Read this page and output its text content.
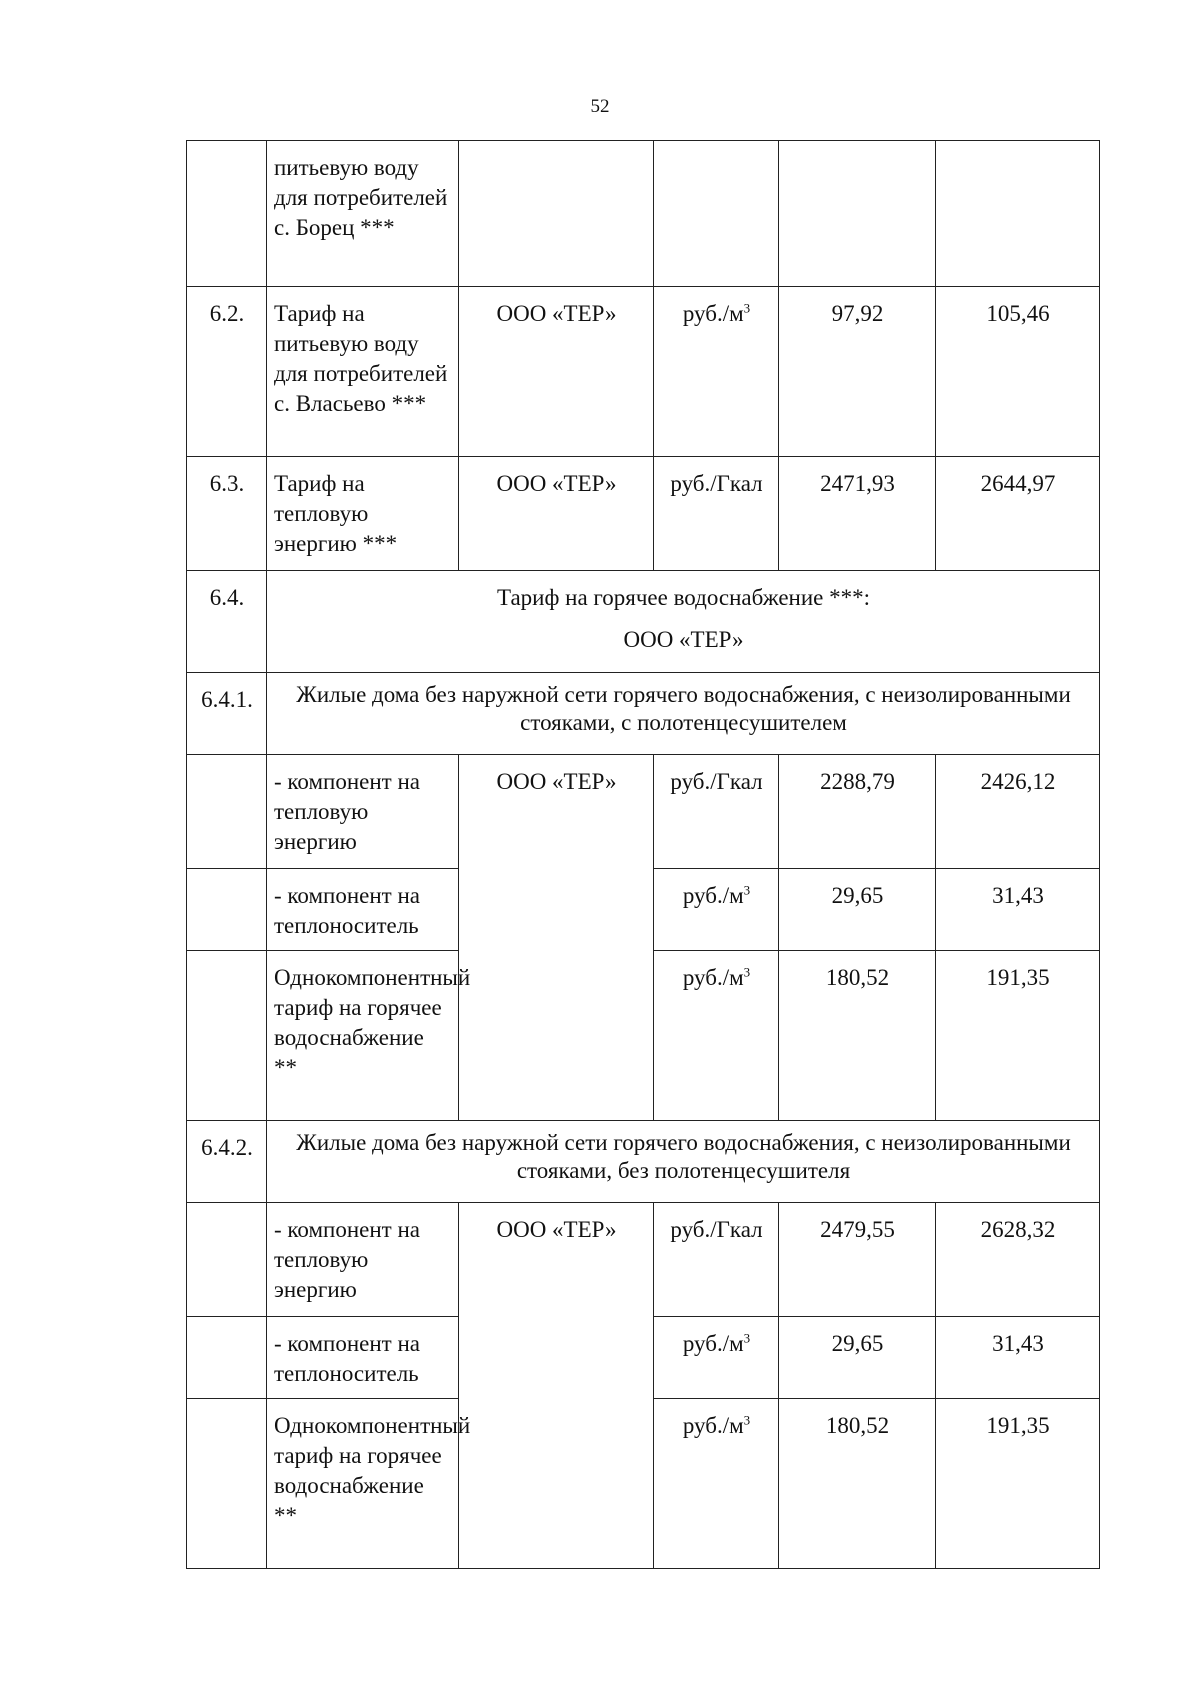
52
	питьевую воду для потребителей с. Борец ***				
6.2.	Тариф на питьевую воду для потребителей с. Власьево ***	ООО «ТЕР»	$руб./м^3$	97,92	105,46
6.3.	Тариф на тепловую энергию ***	ООО «ТЕР»	руб./Гкал	2471,93	2644,97
6.4.	Тариф на горячее водоснабжение ***:
ООО «ТЕР»				

6.4.1.	Жилые дома без наружной сети горячего водоснабжения, с неизолированными стояками, с полотенцесушителем				
	- компонент на тепловую энергию	ООО «ТЕР»	руб./Гкал	2288,79	2426,12
	- компонент на теплоноситель		$руб./м^3$	29,65	31,43
	Однокомпонентный тариф на горячее водоснабжение **		$руб./м^3$	180,52	191,35
6.4.2.	Жилые дома без наружной сети горячего водоснабжения, с неизолированными стояками, без полотенцесушителя				
	- компонент на тепловую энергию	ООО «ТЕР»	руб./Гкал	2479,55	2628,32
	- компонент на теплоноситель		$руб./м^3$	29,65	31,43
	Однокомпонентный тариф на горячее водоснабжение **		$руб./м^3$	180,52	191,35
